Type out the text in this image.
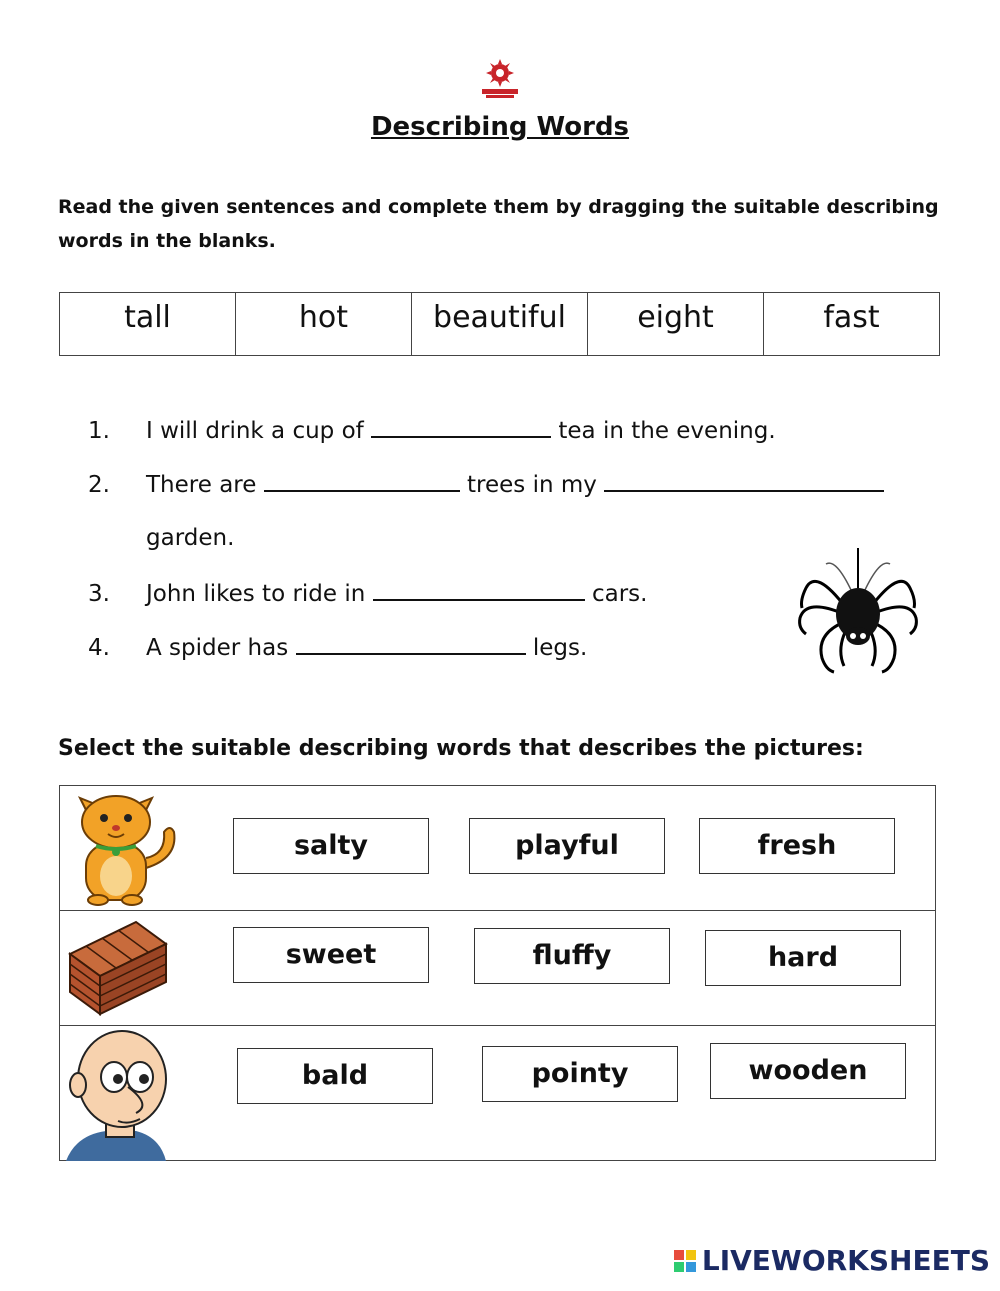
Describing Words
Read the given sentences and complete them by dragging the suitable describing words in the blanks.
tall	hot	beautiful	eight	fast
1. I will drink a cup of	tea in the evening.
2. There are	trees in my
garden.
3. John likes to ride in	cars.
4. A spider has	legs.
Select the suitable describing words that describes the pictures:
salty	playful	fresh
sweet	fluffy	hard
bald	pointy	wooden
LIVEWORKSHEETS
